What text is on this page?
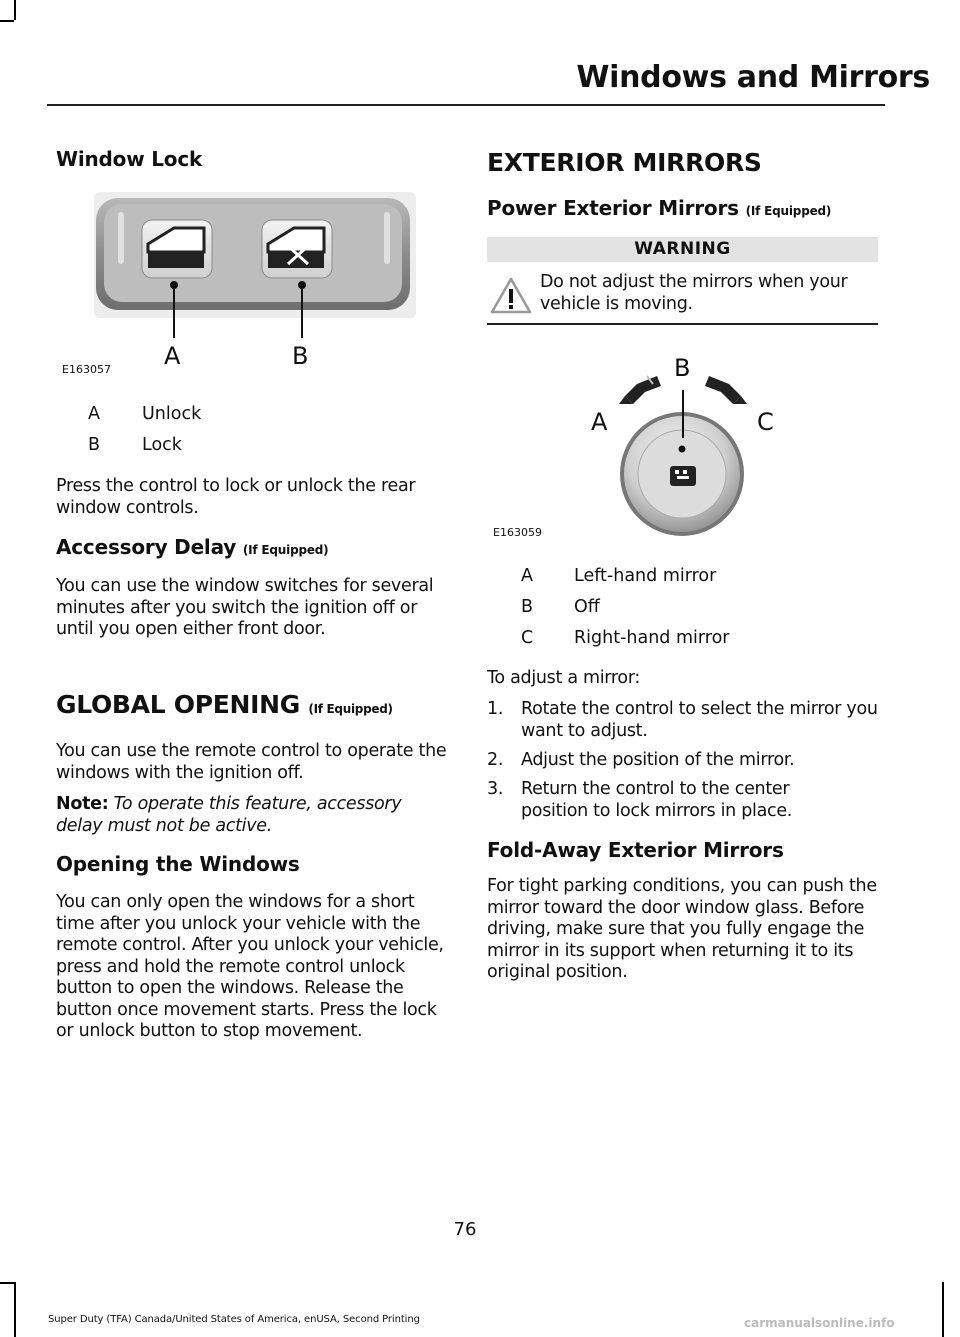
Windows and Mirrors
Window Lock
A	B
E163057
A Unlock
B Lock

Press the control to lock or unlock the rear window controls.

Accessory Delay (If Equipped)

You can use the window switches for several minutes after you switch the ignition off or until you open either front door.

GLOBAL OPENING (If Equipped)

You can use the remote control to operate the windows with the ignition off.

Note: To operate this feature, accessory delay must not be active.

Opening the Windows

You can only open the windows for a short time after you unlock your vehicle with the remote control. After you unlock your vehicle, press and hold the remote control unlock button to open the windows. Release the button once movement starts. Press the lock or unlock button to stop movement.

EXTERIOR MIRRORS
Power Exterior Mirrors (If Equipped)
WARNING

Do not adjust the mirrors when your vehicle is moving.

B
A	C
E163059
A Left-hand mirror
B Off
C Right-hand mirror

To adjust a mirror:

1. Rotate the control to select the mirror you want to adjust.
2. Adjust the position of the mirror.
3. Return the control to the center position to lock mirrors in place.
Fold-Away Exterior Mirrors

For tight parking conditions, you can push the mirror toward the door window glass. Before driving, make sure that you fully engage the mirror in its support when returning it to its original position.

76
Super Duty (TFA) Canada/United States of America, enUSA, Second Printing	carmanualsonline.info
